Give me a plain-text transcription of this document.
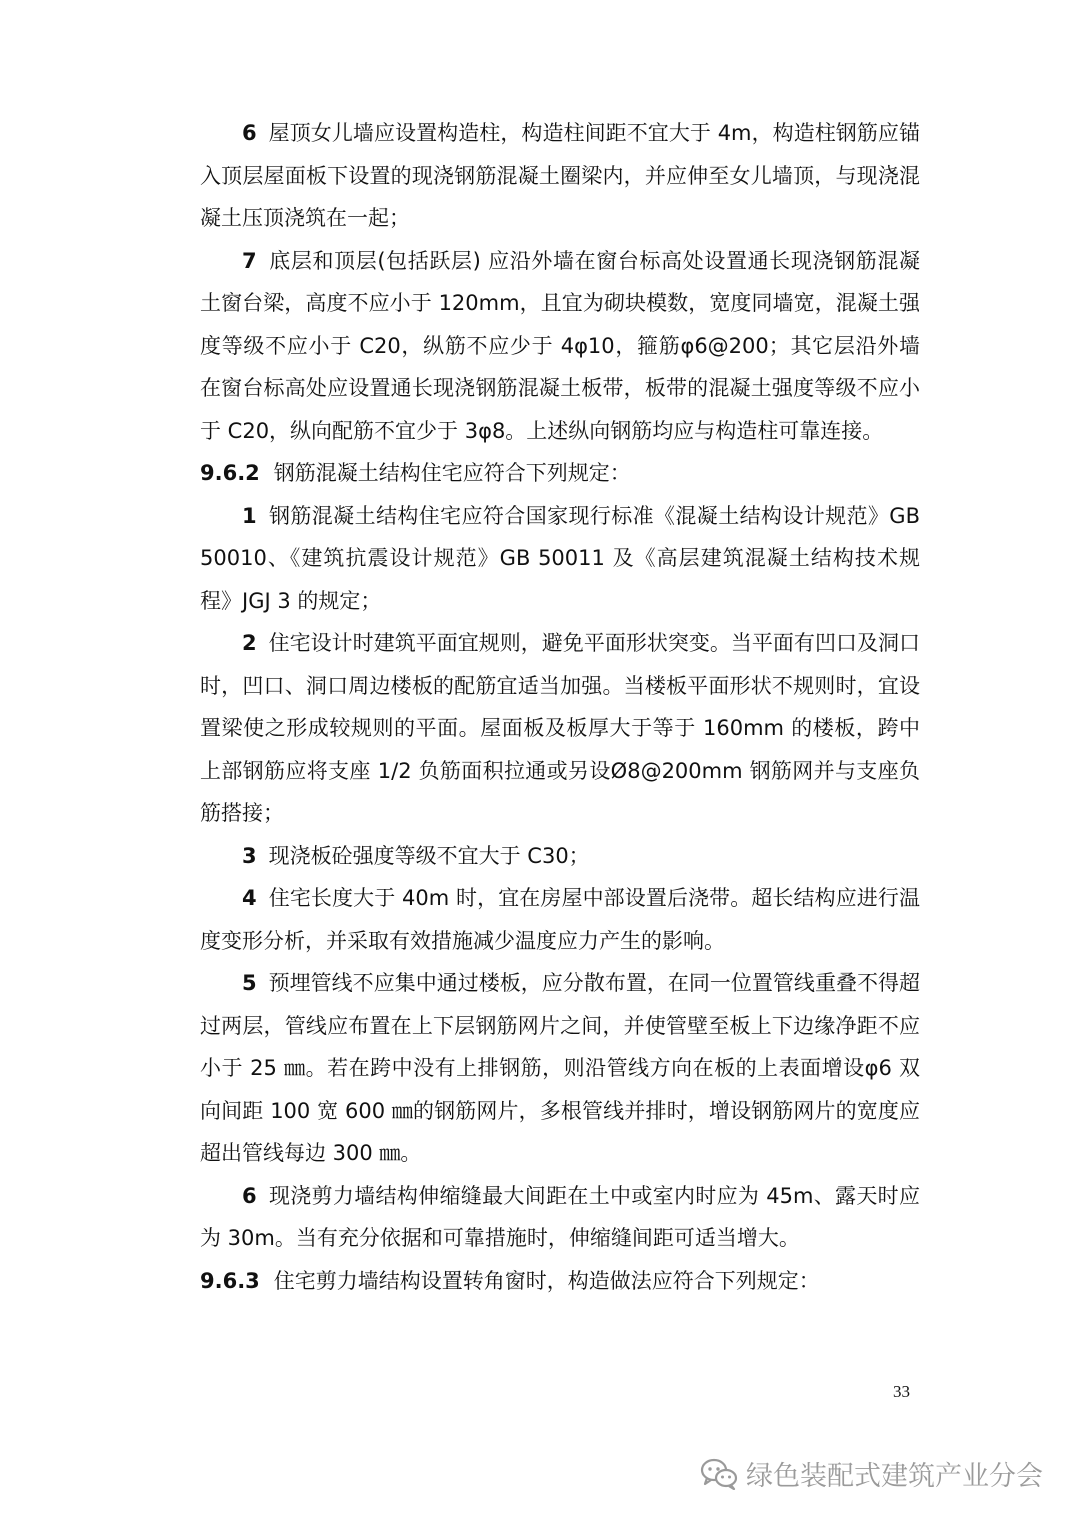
6 屋顶女儿墙应设置构造柱，构造柱间距不宜大于 4m，构造柱钢筋应锚入顶层屋面板下设置的现浇钢筋混凝土圈梁内，并应伸至女儿墙顶，与现浇混凝土压顶浇筑在一起；

7 底层和顶层(包括跃层) 应沿外墙在窗台标高处设置通长现浇钢筋混凝土窗台梁，高度不应小于 120mm，且宜为砌块模数，宽度同墙宽，混凝土强度等级不应小于 C20，纵筋不应少于 4φ10，箍筋φ6@200；其它层沿外墙在窗台标高处应设置通长现浇钢筋混凝土板带，板带的混凝土强度等级不应小于 C20，纵向配筋不宜少于 3φ8。上述纵向钢筋均应与构造柱可靠连接。

9.6.2 钢筋混凝土结构住宅应符合下列规定：

1 钢筋混凝土结构住宅应符合国家现行标准《混凝土结构设计规范》GB 50010、《建筑抗震设计规范》GB 50011 及《高层建筑混凝土结构技术规程》JGJ 3 的规定；

2 住宅设计时建筑平面宜规则，避免平面形状突变。当平面有凹口及洞口时，凹口、洞口周边楼板的配筋宜适当加强。当楼板平面形状不规则时，宜设置梁使之形成较规则的平面。屋面板及板厚大于等于 160mm 的楼板，跨中上部钢筋应将支座 1/2 负筋面积拉通或另设Ø8@200mm 钢筋网并与支座负筋搭接；

3 现浇板砼强度等级不宜大于 C30；

4 住宅长度大于 40m 时，宜在房屋中部设置后浇带。超长结构应进行温度变形分析，并采取有效措施减少温度应力产生的影响。

5 预埋管线不应集中通过楼板，应分散布置，在同一位置管线重叠不得超过两层，管线应布置在上下层钢筋网片之间，并使管壁至板上下边缘净距不应小于 25 ㎜。若在跨中没有上排钢筋，则沿管线方向在板的上表面增设φ6 双向间距 100 宽 600 ㎜的钢筋网片，多根管线并排时，增设钢筋网片的宽度应超出管线每边 300 ㎜。

6 现浇剪力墙结构伸缩缝最大间距在土中或室内时应为 45m、露天时应为 30m。当有充分依据和可靠措施时，伸缩缝间距可适当增大。

9.6.3 住宅剪力墙结构设置转角窗时，构造做法应符合下列规定：

33
绿色装配式建筑产业分会
